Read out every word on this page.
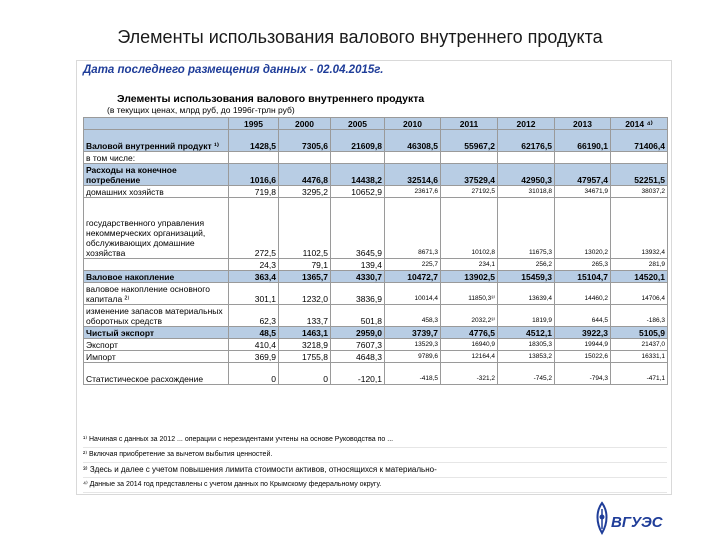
Элементы использования валового внутреннего продукта
Дата последнего размещения данных - 02.04.2015г.
Элементы использования валового внутреннего продукта
(в текущих ценах, млрд руб, до 1996г-трлн руб)
	1995	2000	2005	2010	2011	2012	2013	2014 ⁴⁾
Валовой внутренний продукт ¹⁾	1428,5	7305,6	21609,8	46308,5	55967,2	62176,5	66190,1	71406,4
в том числе:								
Расходы на конечное потребление	1016,6	4476,8	14438,2	32514,6	37529,4	42950,3	47957,4	52251,5
домашних хозяйств	719,8	3295,2	10652,9	23617,6	27192,5	31018,8	34671,9	38037,2
государственного управления некоммерческих организаций, обслуживающих домашние хозяйства	272,5	1102,5	3645,9	8671,3	10102,8	11675,3	13020,2	13932,4
	24,3	79,1	139,4	225,7	234,1	256,2	265,3	281,9
Валовое накопление	363,4	1365,7	4330,7	10472,7	13902,5	15459,3	15104,7	14520,1
валовое накопление основного капитала ²⁾	301,1	1232,0	3836,9	10014,4	11850,3³⁾	13639,4	14460,2	14706,4
изменение запасов материальных оборотных средств	62,3	133,7	501,8	458,3	2032,2³⁾	1819,9	644,5	-186,3
Чистый экспорт	48,5	1463,1	2959,0	3739,7	4776,5	4512,1	3922,3	5105,9
Экспорт	410,4	3218,9	7607,3	13529,3	16940,9	18305,3	19944,9	21437,0
Импорт	369,9	1755,8	4648,3	9789,6	12164,4	13853,2	15022,6	16331,1
Статистическое расхождение	0	0	-120,1	-418,5	-321,2	-745,2	-794,3	-471,1
¹⁾ Начиная с данных за 2012 ... операции с нерезидентами учтены на основе Руководства по ...
²⁾ Включая приобретение за вычетом выбытия ценностей.
³⁾ Здесь и далее с учетом повышения лимита стоимости активов, относящихся к материально-
⁴⁾ Данные за 2014 год представлены с учетом данных по Крымскому федеральному округу.
ВГУЭС
